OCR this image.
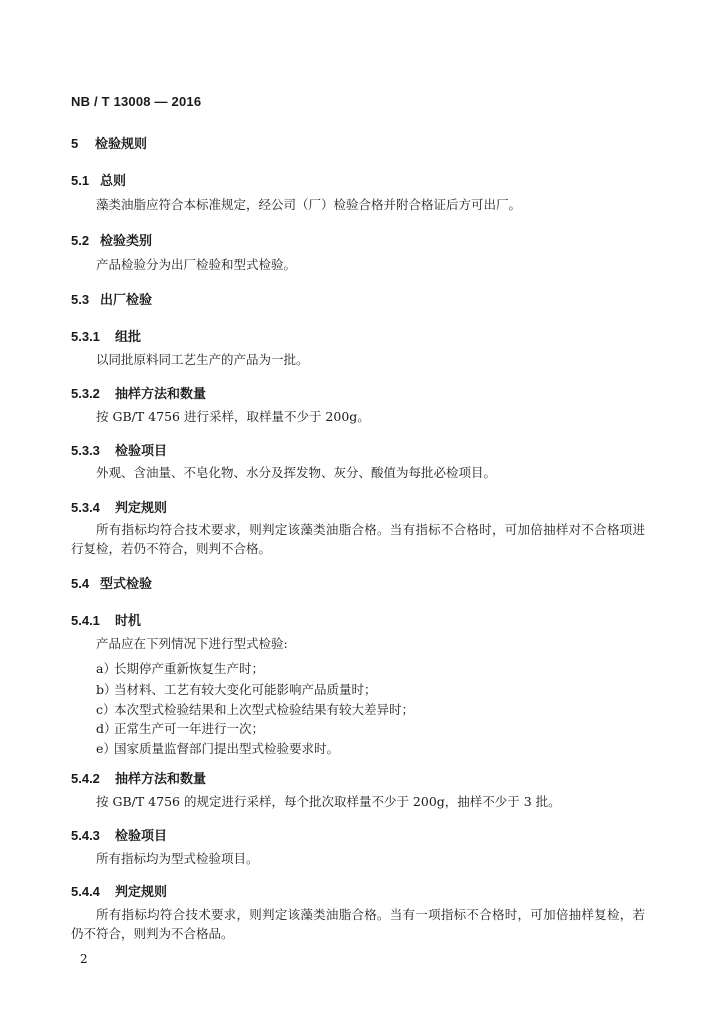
NB / T 13008 — 2016
5 检验规则
5.1 总则
藻类油脂应符合本标准规定，经公司（厂）检验合格并附合格证后方可出厂。
5.2 检验类别
产品检验分为出厂检验和型式检验。
5.3 出厂检验
5.3.1 组批
以同批原料同工艺生产的产品为一批。
5.3.2 抽样方法和数量
按 GB/T 4756 进行采样，取样量不少于 200g。
5.3.3 检验项目
外观、含油量、不皂化物、水分及挥发物、灰分、酸值为每批必检项目。
5.3.4 判定规则
所有指标均符合技术要求，则判定该藻类油脂合格。当有指标不合格时，可加倍抽样对不合格项进行复检，若仍不符合，则判不合格。
5.4 型式检验
5.4.1 时机
产品应在下列情况下进行型式检验:
a）长期停产重新恢复生产时；
b）当材料、工艺有较大变化可能影响产品质量时；
c）本次型式检验结果和上次型式检验结果有较大差异时；
d）正常生产可一年进行一次；
e）国家质量监督部门提出型式检验要求时。
5.4.2 抽样方法和数量
按 GB/T 4756 的规定进行采样，每个批次取样量不少于 200g，抽样不少于 3 批。
5.4.3 检验项目
所有指标均为型式检验项目。
5.4.4 判定规则
所有指标均符合技术要求，则判定该藻类油脂合格。当有一项指标不合格时，可加倍抽样复检，若仍不符合，则判为不合格品。
2
